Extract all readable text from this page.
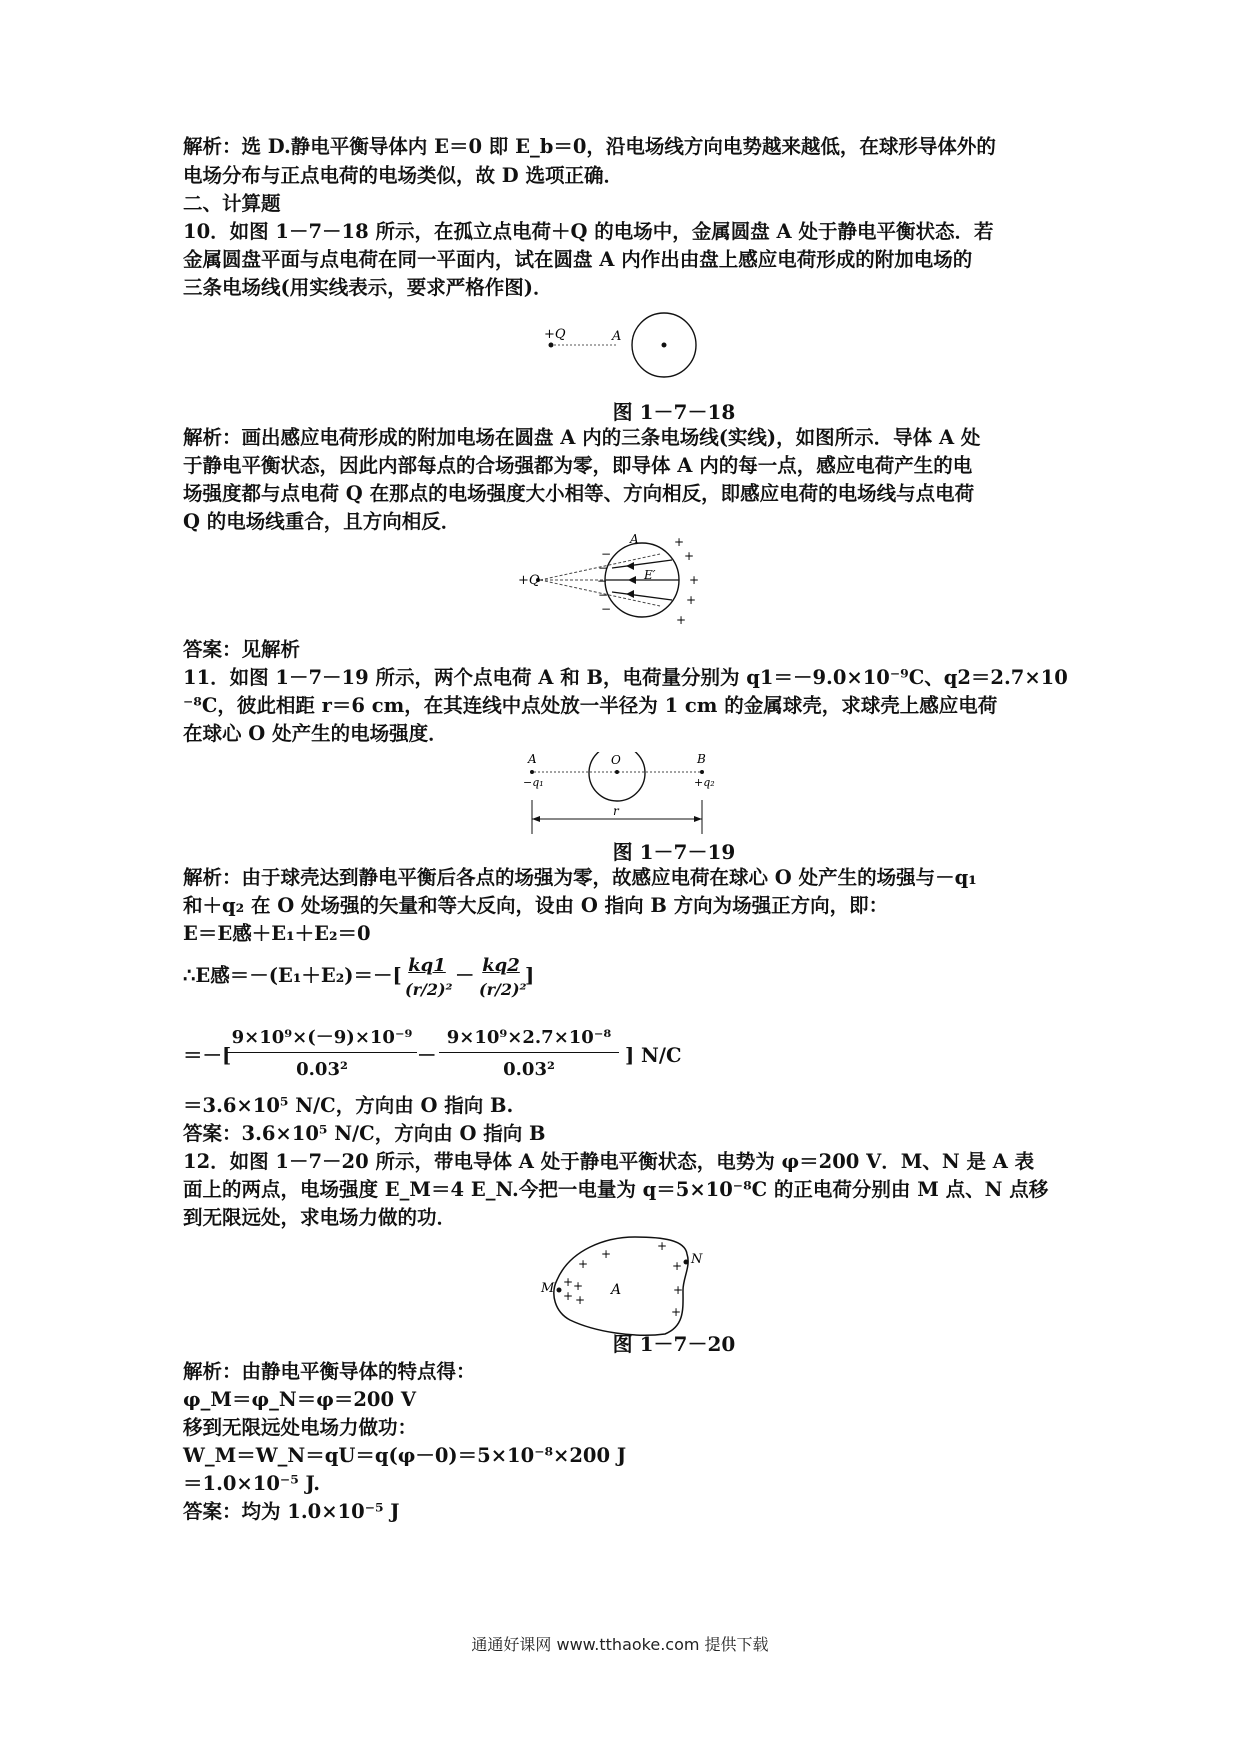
解析：选 D.静电平衡导体内 E＝0 即 E_b＝0，沿电场线方向电势越来越低，在球形导体外的
电场分布与正点电荷的电场类似，故 D 选项正确．
二、计算题
10．如图 1－7－18 所示，在孤立点电荷＋Q 的电场中，金属圆盘 A 处于静电平衡状态．若
金属圆盘平面与点电荷在同一平面内，试在圆盘 A 内作出由盘上感应电荷形成的附加电场的
三条电场线(用实线表示，要求严格作图)．
+Q	A
图 1－7－18
解析：画出感应电荷形成的附加电场在圆盘 A 内的三条电场线(实线)，如图所示．导体 A 处
于静电平衡状态，因此内部每点的合场强都为零，即导体 A 内的每一点，感应电荷产生的电
场强度都与点电荷 Q 在那点的电场强度大小相等、方向相反，即感应电荷的电场线与点电荷
Q 的电场线重合，且方向相反．
+Q
A
E′
−
−
−
−
−
+
+
+
+
+
答案：见解析
11．如图 1－7－19 所示，两个点电荷 A 和 B，电荷量分别为 q1＝－9.0×10⁻⁹C、q2＝2.7×10
⁻⁸C，彼此相距 r＝6 cm，在其连线中点处放一半径为 1 cm 的金属球壳，求球壳上感应电荷
在球心 O 处产生的电场强度．
A
−q₁
O	B
+q₂
r
图 1－7－19
解析：由于球壳达到静电平衡后各点的场强为零，故感应电荷在球心 O 处产生的场强与－q₁
和＋q₂ 在 O 处场强的矢量和等大反向，设由 O 指向 B 方向为场强正方向，即：
E＝E感＋E₁＋E₂＝0
∴E感＝－(E₁＋E₂)＝－[ kq1
(r/2)²
－ kq2
(r/2)²
]
＝－[
9×10⁹×(－9)×10⁻⁹
0.03²
－
9×10⁹×2.7×10⁻⁸
0.03²
] N/C
＝3.6×10⁵ N/C，方向由 O 指向 B.
答案：3.6×10⁵ N/C，方向由 O 指向 B
12．如图 1－7－20 所示，带电导体 A 处于静电平衡状态，电势为 φ＝200 V．M、N 是 A 表
面上的两点，电场强度 E_M＝4 E_N.今把一电量为 q＝5×10⁻⁸C 的正电荷分别由 M 点、N 点移
到无限远处，求电场力做的功．
M
N
A
+
+
+ +
+ +
+
+
+
+
图 1－7－20
解析：由静电平衡导体的特点得：
φ_M＝φ_N＝φ＝200 V
移到无限远处电场力做功：
W_M＝W_N＝qU＝q(φ－0)＝5×10⁻⁸×200 J
＝1.0×10⁻⁵ J.
答案：均为 1.0×10⁻⁵ J
通通好课网 www.tthaoke.com 提供下载
